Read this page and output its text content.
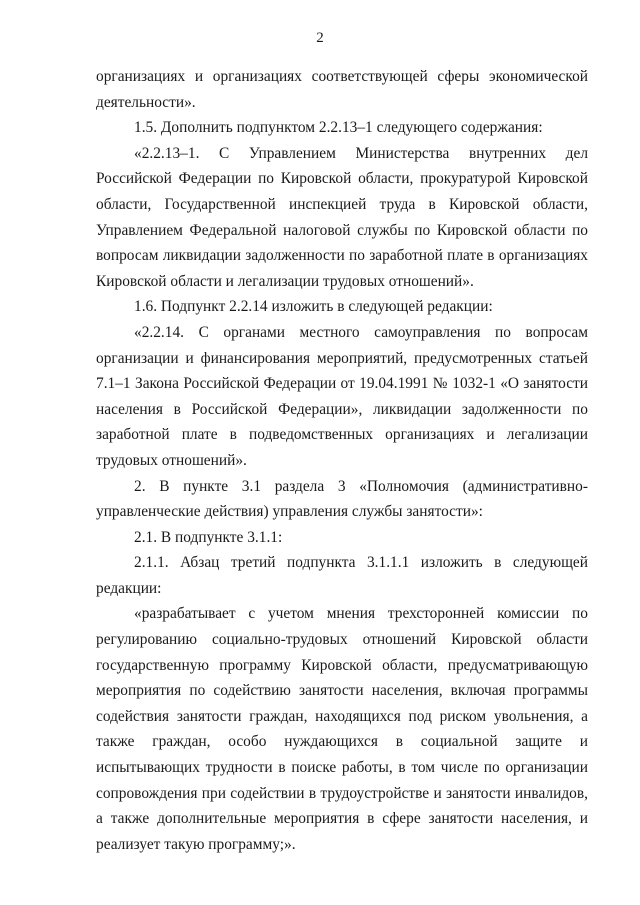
2

организациях и организациях соответствующей сферы экономической деятельности».

1.5. Дополнить подпунктом 2.2.13–1 следующего содержания:

«2.2.13–1. С Управлением Министерства внутренних дел Российской Федерации по Кировской области, прокуратурой Кировской области, Государственной инспекцией труда в Кировской области, Управлением Федеральной налоговой службы по Кировской области по вопросам ликвидации задолженности по заработной плате в организациях Кировской области и легализации трудовых отношений».

1.6. Подпункт 2.2.14 изложить в следующей редакции:

«2.2.14. С органами местного самоуправления по вопросам организации и финансирования мероприятий, предусмотренных статьей 7.1–1 Закона Российской Федерации от 19.04.1991 № 1032-1 «О занятости населения в Российской Федерации», ликвидации задолженности по заработной плате в подведомственных организациях и легализации трудовых отношений».

2. В пункте 3.1 раздела 3 «Полномочия (административно-управленческие действия) управления службы занятости»:

2.1. В подпункте 3.1.1:

2.1.1. Абзац третий подпункта 3.1.1.1 изложить в следующей редакции:

«разрабатывает с учетом мнения трехсторонней комиссии по регулированию социально-трудовых отношений Кировской области государственную программу Кировской области, предусматривающую мероприятия по содействию занятости населения, включая программы содействия занятости граждан, находящихся под риском увольнения, а также граждан, особо нуждающихся в социальной защите и испытывающих трудности в поиске работы, в том числе по организации сопровождения при содействии в трудоустройстве и занятости инвалидов, а также дополнительные мероприятия в сфере занятости населения, и реализует такую программу;».
